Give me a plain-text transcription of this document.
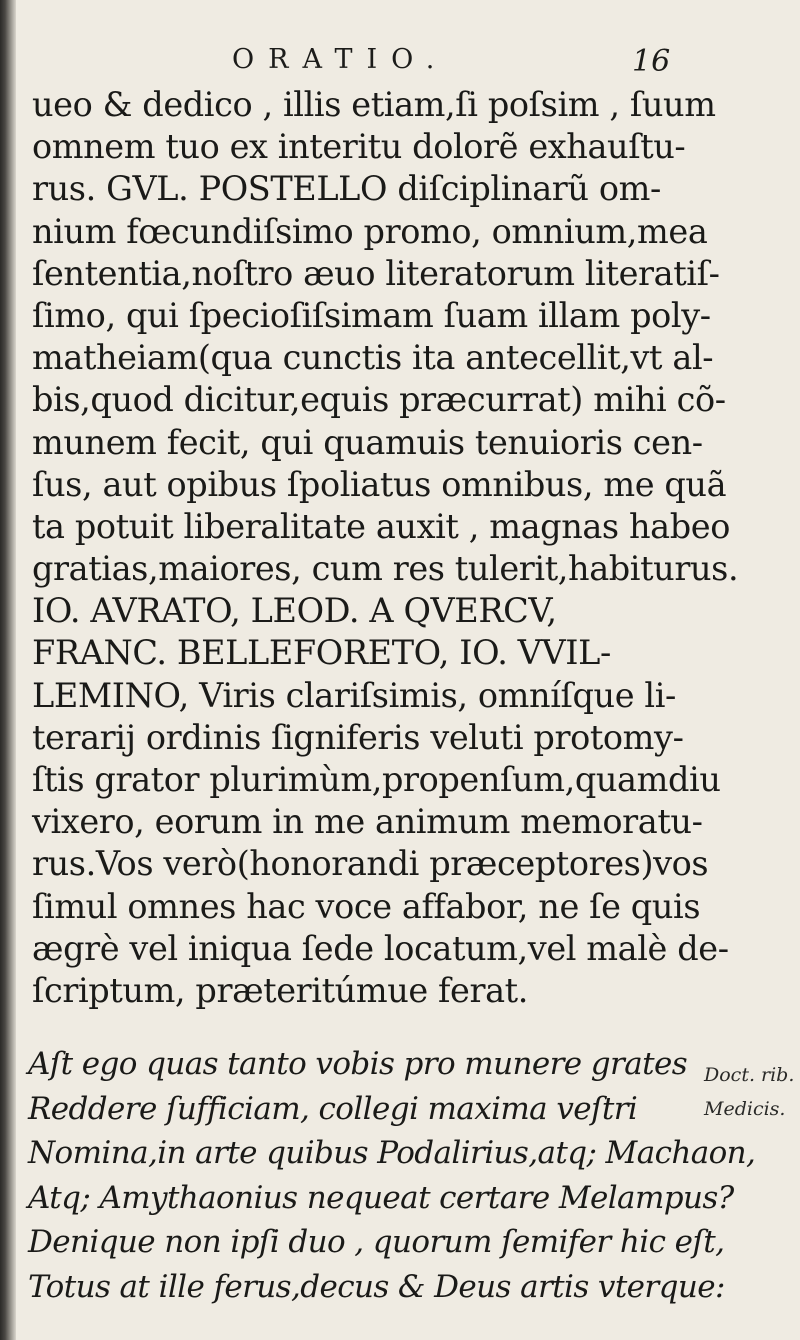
ORATIO.	16
ueo & dedico , illis etiam,ſi poſsim , ſuum
omnem tuo ex interitu dolorẽ exhauſtu-
rus. GVL. POSTELLO diſciplinarũ om-
nium fœcundiſsimo promo, omnium,mea
ſententia,noſtro æuo literatorum literatiſ-
ſimo, qui ſpecioſiſsimam ſuam illam poly-
matheiam(qua cunctis ita antecellit,vt al-
bis,quod dicitur,equis præcurrat) mihi cõ-
munem fecit, qui quamuis tenuioris cen-
ſus, aut opibus ſpoliatus omnibus, me quã
ta potuit liberalitate auxit , magnas habeo
gratias,maiores, cum res tulerit,habiturus.
IO. AVRATO, LEOD. A QVERCV,
FRANC. BELLEFORETO, IO. VVIL-
LEMINO, Viris clariſsimis, omníſque li-
terarij ordinis ſigniferis veluti protomy-
ſtis grator plurimùm,propenſum,quamdiu
vixero, eorum in me animum memoratu-
rus.Vos verò(honorandi præceptores)vos
ſimul omnes hac voce affabor, ne ſe quis
ægrè vel iniqua ſede locatum,vel malè de-
ſcriptum, præteritúmue ferat.
Aſt ego quas tanto vobis pro munere grates
Reddere ſufficiam, collegi maxima veſtri
Nomina,in arte quibus Podalirius,atq; Machaon,
Atq; Amythaonius nequeat certare Melampus?
Denique non ipſi duo , quorum ſemifer hic eſt,
Totus at ille ferus,decus & Deus artis vterque:
Doct. rib.
Medicis.
